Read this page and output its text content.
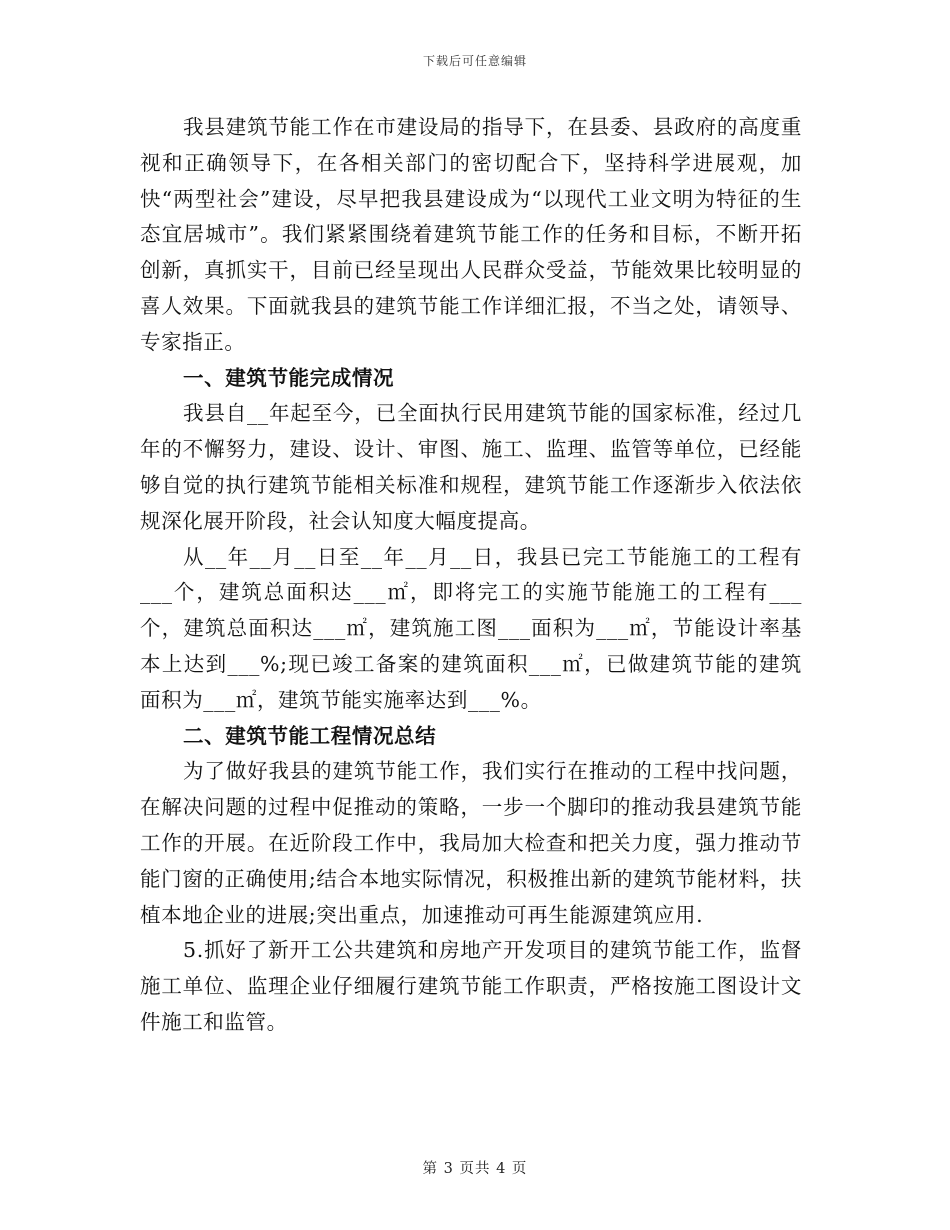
下载后可任意编辑

我县建筑节能工作在市建设局的指导下，在县委、县政府的高度重视和正确领导下，在各相关部门的密切配合下，坚持科学进展观，加快“两型社会”建设，尽早把我县建设成为“以现代工业文明为特征的生态宜居城市”。我们紧紧围绕着建筑节能工作的任务和目标，不断开拓创新，真抓实干，目前已经呈现出人民群众受益，节能效果比较明显的喜人效果。下面就我县的建筑节能工作详细汇报，不当之处，请领导、专家指正。

一、建筑节能完成情况

我县自__年起至今，已全面执行民用建筑节能的国家标准，经过几年的不懈努力，建设、设计、审图、施工、监理、监管等单位，已经能够自觉的执行建筑节能相关标准和规程，建筑节能工作逐渐步入依法依规深化展开阶段，社会认知度大幅度提高。

从__年__月__日至__年__月__日，我县已完工节能施工的工程有___个，建筑总面积达___㎡，即将完工的实施节能施工的工程有___个，建筑总面积达___㎡，建筑施工图___面积为___㎡，节能设计率基本上达到___%;现已竣工备案的建筑面积___㎡，已做建筑节能的建筑面积为___㎡，建筑节能实施率达到___%。

二、建筑节能工程情况总结

为了做好我县的建筑节能工作，我们实行在推动的工程中找问题，在解决问题的过程中促推动的策略，一步一个脚印的推动我县建筑节能工作的开展。在近阶段工作中，我局加大检查和把关力度，强力推动节能门窗的正确使用;结合本地实际情况，积极推出新的建筑节能材料，扶植本地企业的进展;突出重点，加速推动可再生能源建筑应用.

5.抓好了新开工公共建筑和房地产开发项目的建筑节能工作，监督施工单位、监理企业仔细履行建筑节能工作职责，严格按施工图设计文件施工和监管。

第 3 页共 4 页
